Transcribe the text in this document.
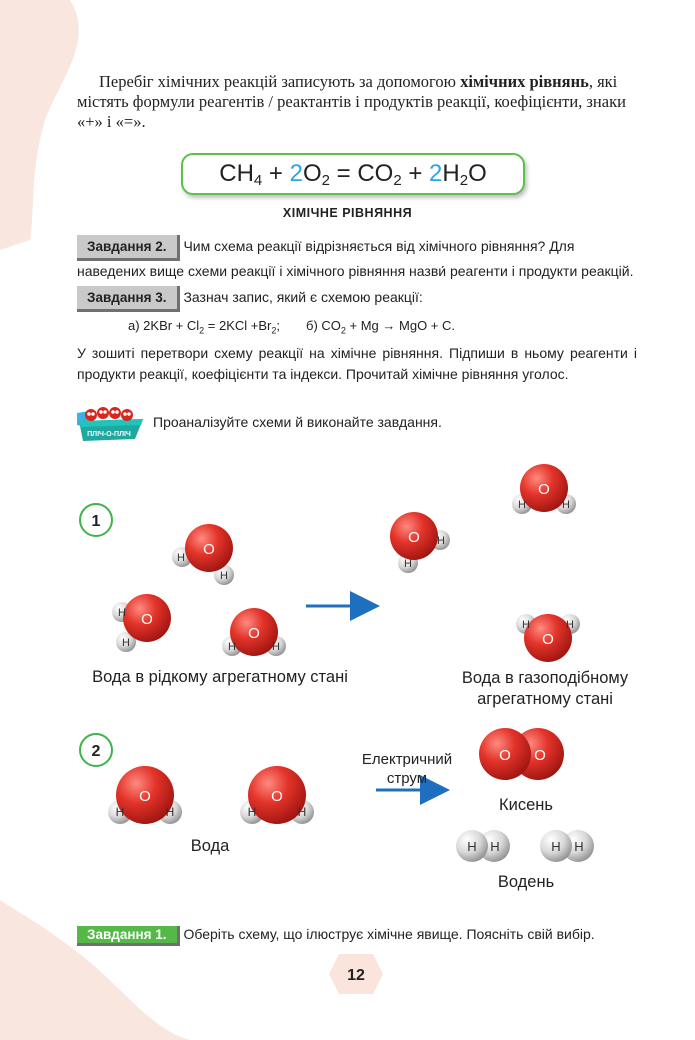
Перебіг хімічних реакцій записують за допомогою хімічних рівнянь, які містять формули реагентів / реактантів і продуктів реакції, коефіцієнти, знаки «+» і «=».
$CH_4 + 2O_2 = CO_2 + 2H_2O$
ХІМІЧНЕ РІВНЯННЯ
Завдання 2. Чим схема реакції відрізняється від хімічного рівняння? Для наведених вище схеми реакції і хімічного рівняння назви́ реагенти і продукти реакцій.
Завдання 3. Зазнач запис, який є схемою реакції:
а) $2KBr + Cl_2 = 2KCl +Br_2$; б) $CO_2 + Mg$ → MgO + C.
У зошиті перетвори схему реакції на хімічне рівняння. Підпиши в ньому реагенти і продукти реакції, коефіцієнти та індекси. Прочитай хімічне рівняння уголос.
ПЛІЧ-О-ПЛІЧ
Проаналізуйте схеми й виконайте завдання.
1
O
H
H
O
H
H
O
H	H
O
H
H
O
H	H
O
H	H
2
O
H	H
O
H	H
O O
H H	H H
Вода в рідкому агрегатному стані	Вода в газоподібному
агрегатному стані
Вода
Електричний
струм
Кисень
Водень
Завдання 1. Оберіть схему, що ілюструє хімічне явище. Поясніть свій вибір.
12
